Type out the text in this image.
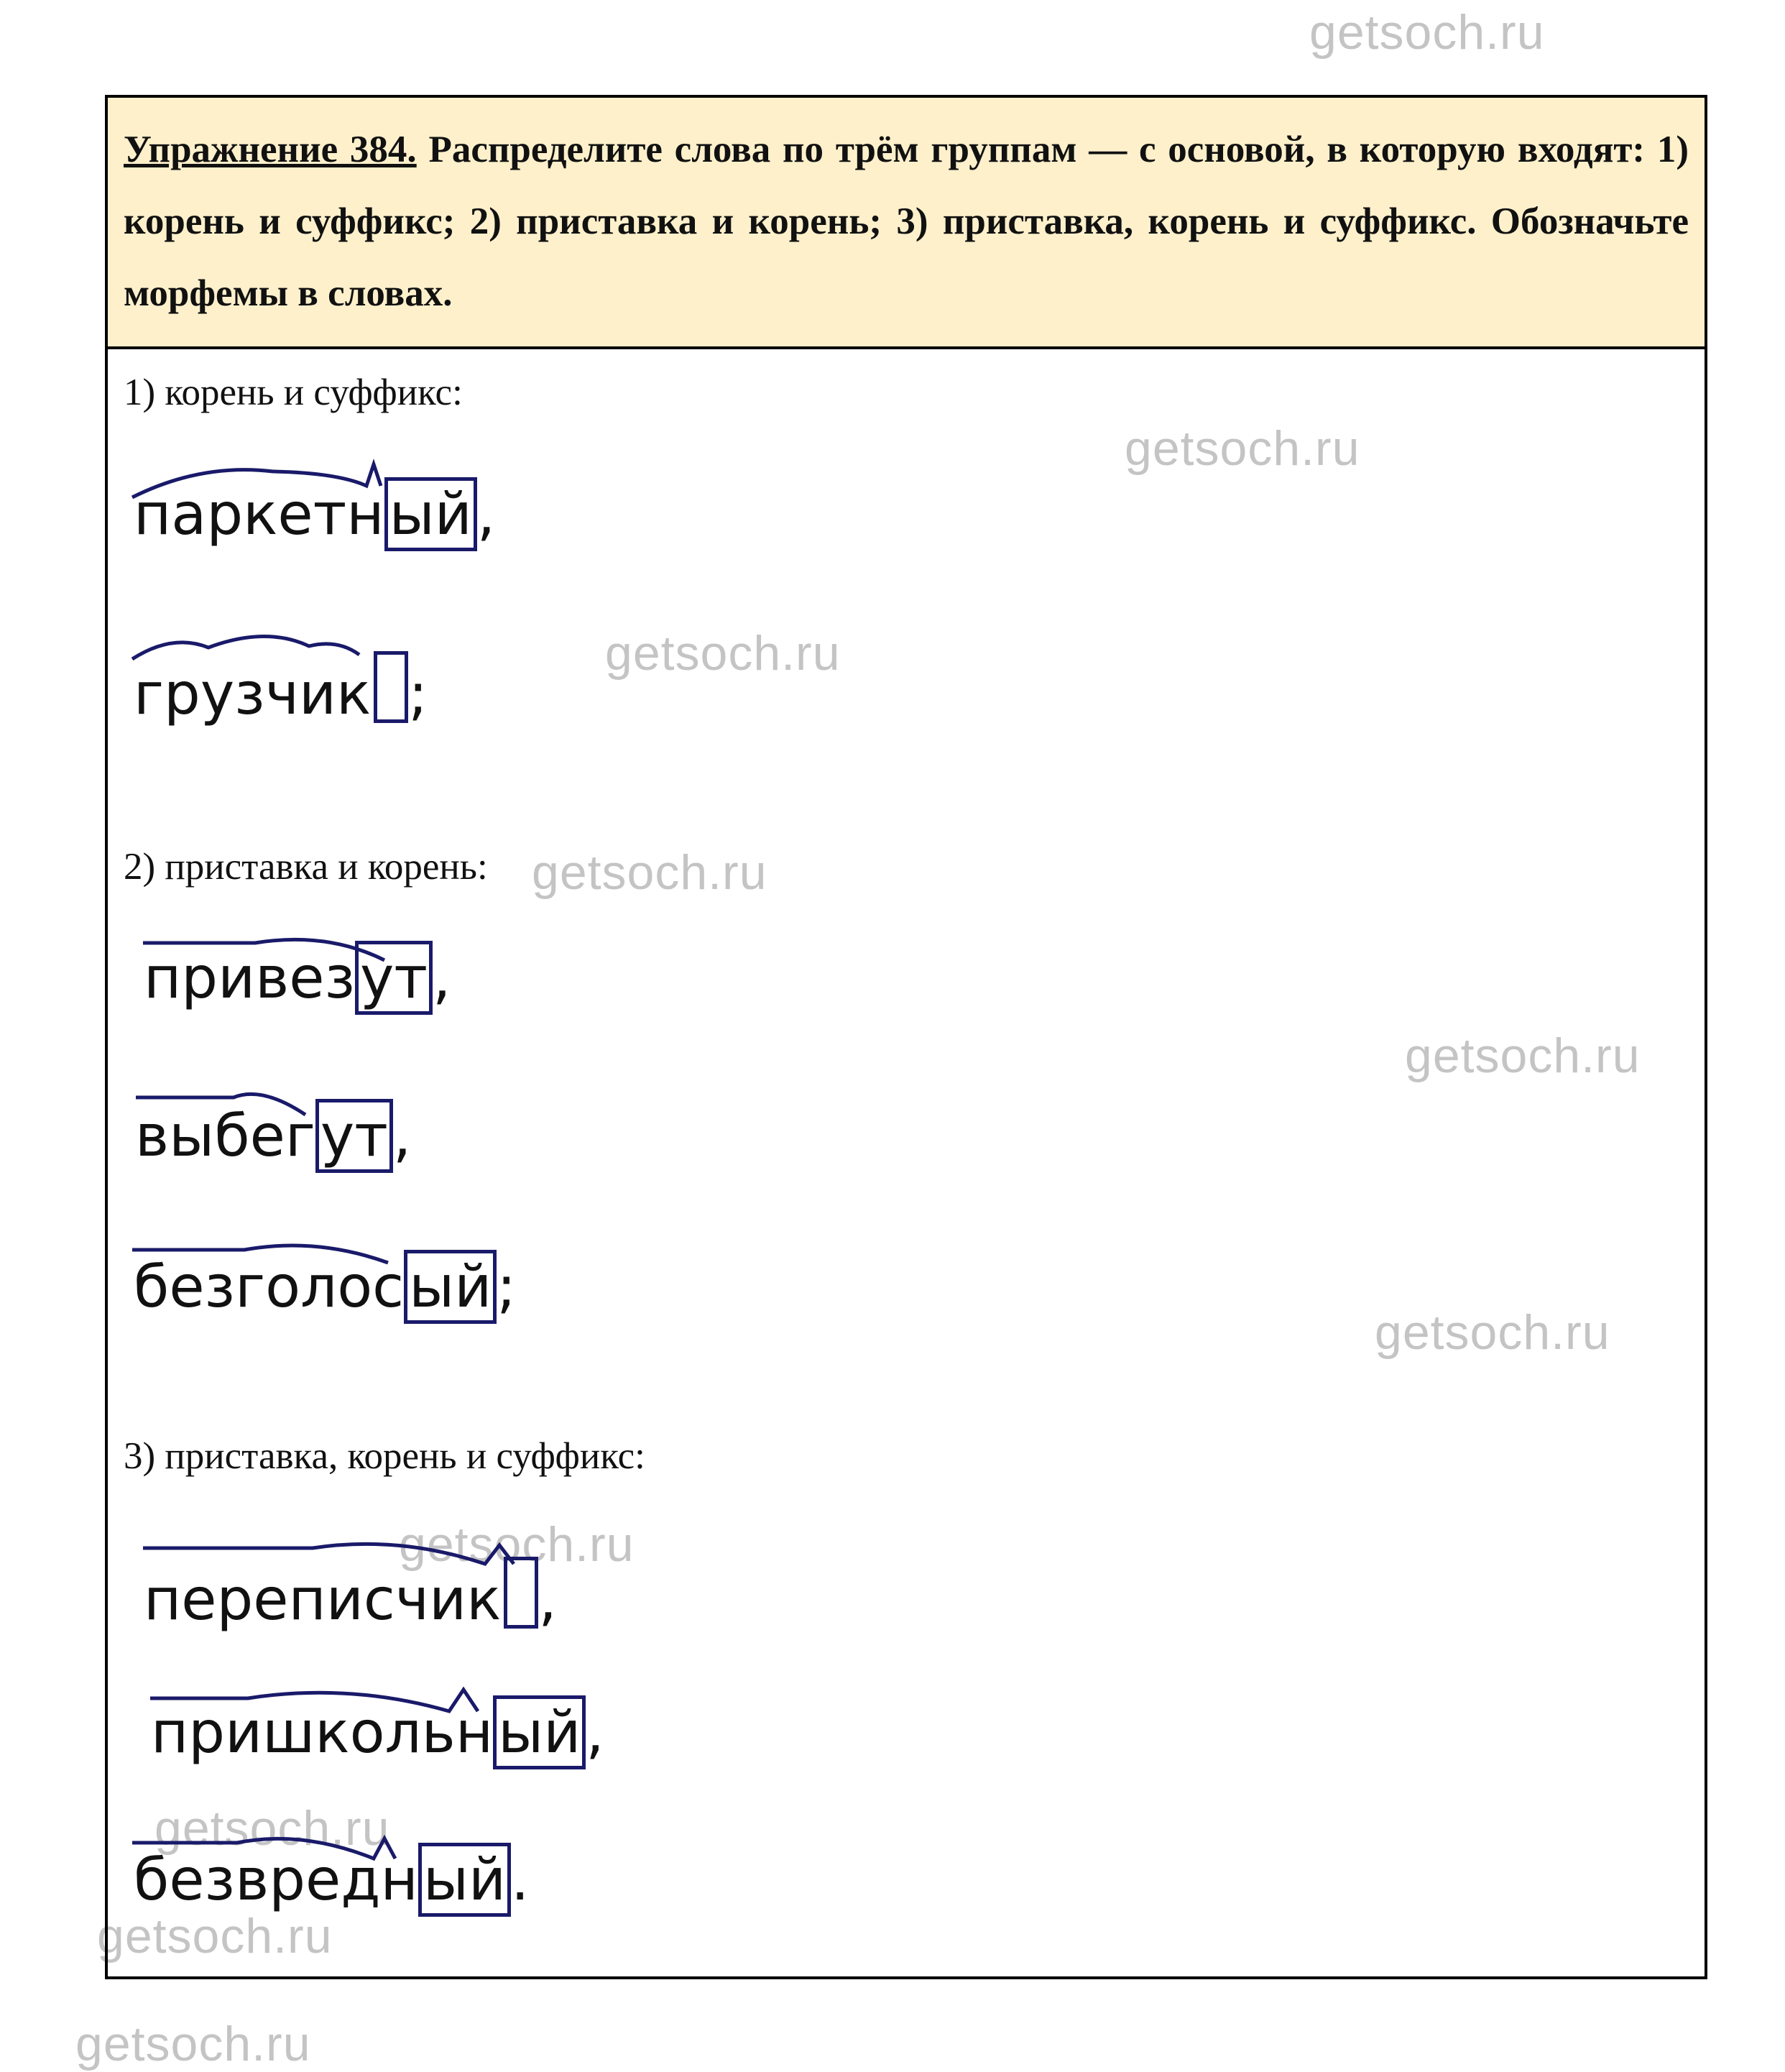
getsoch.ru
getsoch.ru
getsoch.ru
getsoch.ru
getsoch.ru
getsoch.ru
getsoch.ru
getsoch.ru
getsoch.ru
getsoch.ru

Упражнение 384. Распределите слова по трём группам — с основой, в которую входят: 1) корень и суффикс; 2) приставка и корень; 3) приставка, корень и суффикс. Обозначьте морфемы в словах.

1) корень и суффикс:
паркетный,
грузчик ;
2) приставка и корень:
привезут,
выбегут,
безголосый;
3) приставка, корень и суффикс:
переписчик ,
пришкольный,
безвредный.
